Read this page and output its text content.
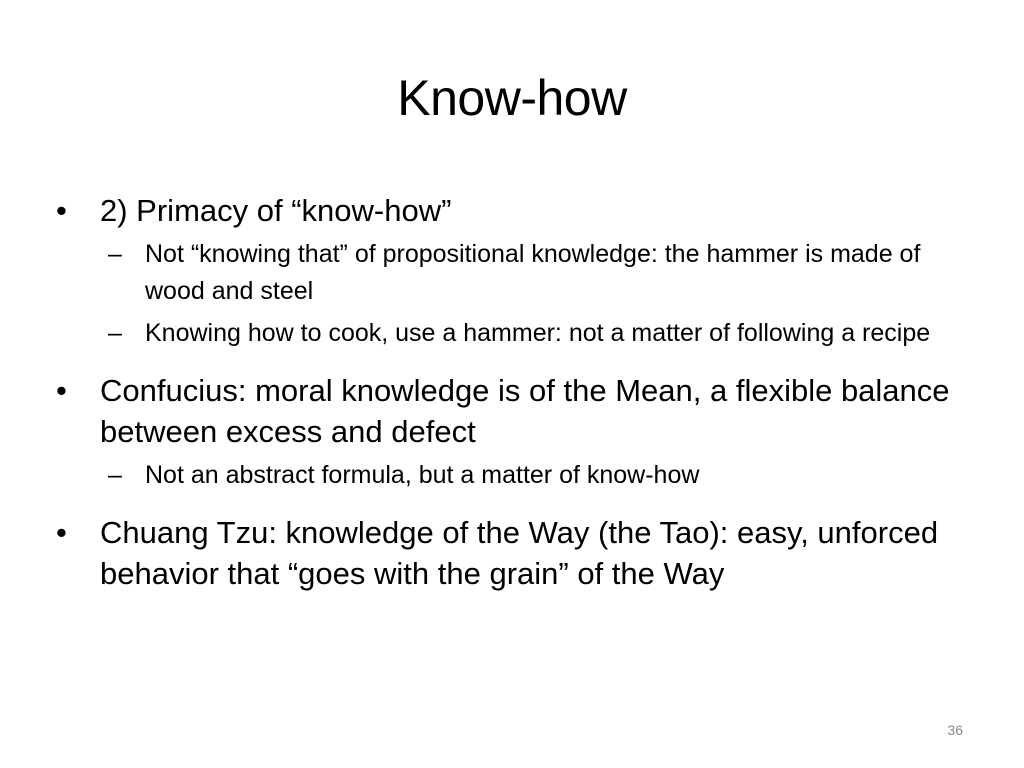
Know-how
• 2) Primacy of “know-how”
– Not “knowing that” of propositional knowledge: the hammer is made of wood and steel
– Knowing how to cook, use a hammer: not a matter of following a recipe
• Confucius: moral knowledge is of the Mean, a flexible balance between excess and defect
– Not an abstract formula, but a matter of know-how
• Chuang Tzu: knowledge of the Way (the Tao): easy, unforced behavior that “goes with the grain” of the Way
36
